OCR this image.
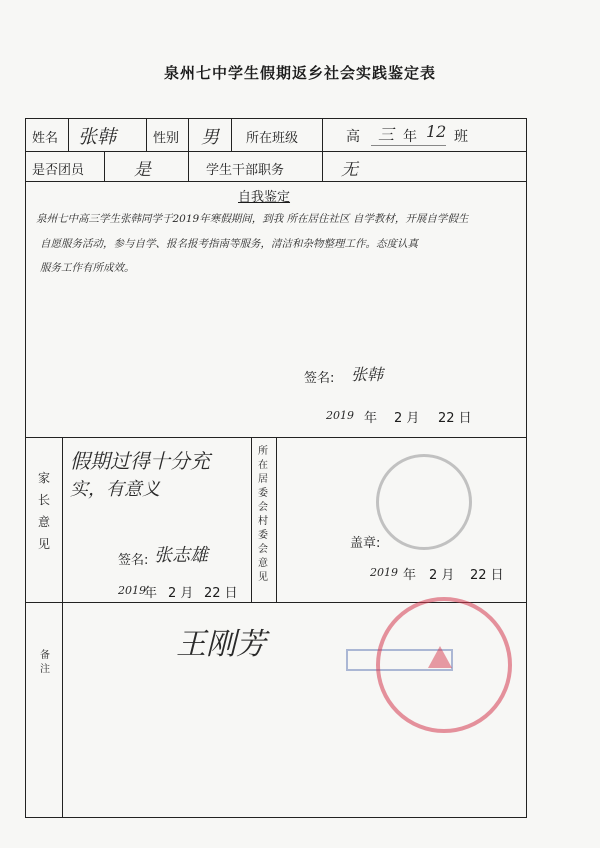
泉州七中学生假期返乡社会实践鉴定表
姓名 张韩	性别 男 所在班级	高 三 年 12 班
是否团员	是	学生干部职务	无
自我鉴定
泉州七中高三学生张韩同学于2019年寒假期间，到我 所在居住社区 自学教材，开展自学假生
自愿服务活动，参与自学、报名报考指南等服务，清洁和杂物整理工作。态度认真
服务工作有所成效。
签名: 张韩
2019 年 2 月 22 日
家长意见
假期过得十分充
实，有意义
签名: 张志雄
2019
年 2 月 22 日
所在居委会村委会意见
盖章:
2019 年 2 月 22 日
备注
王刚芳
